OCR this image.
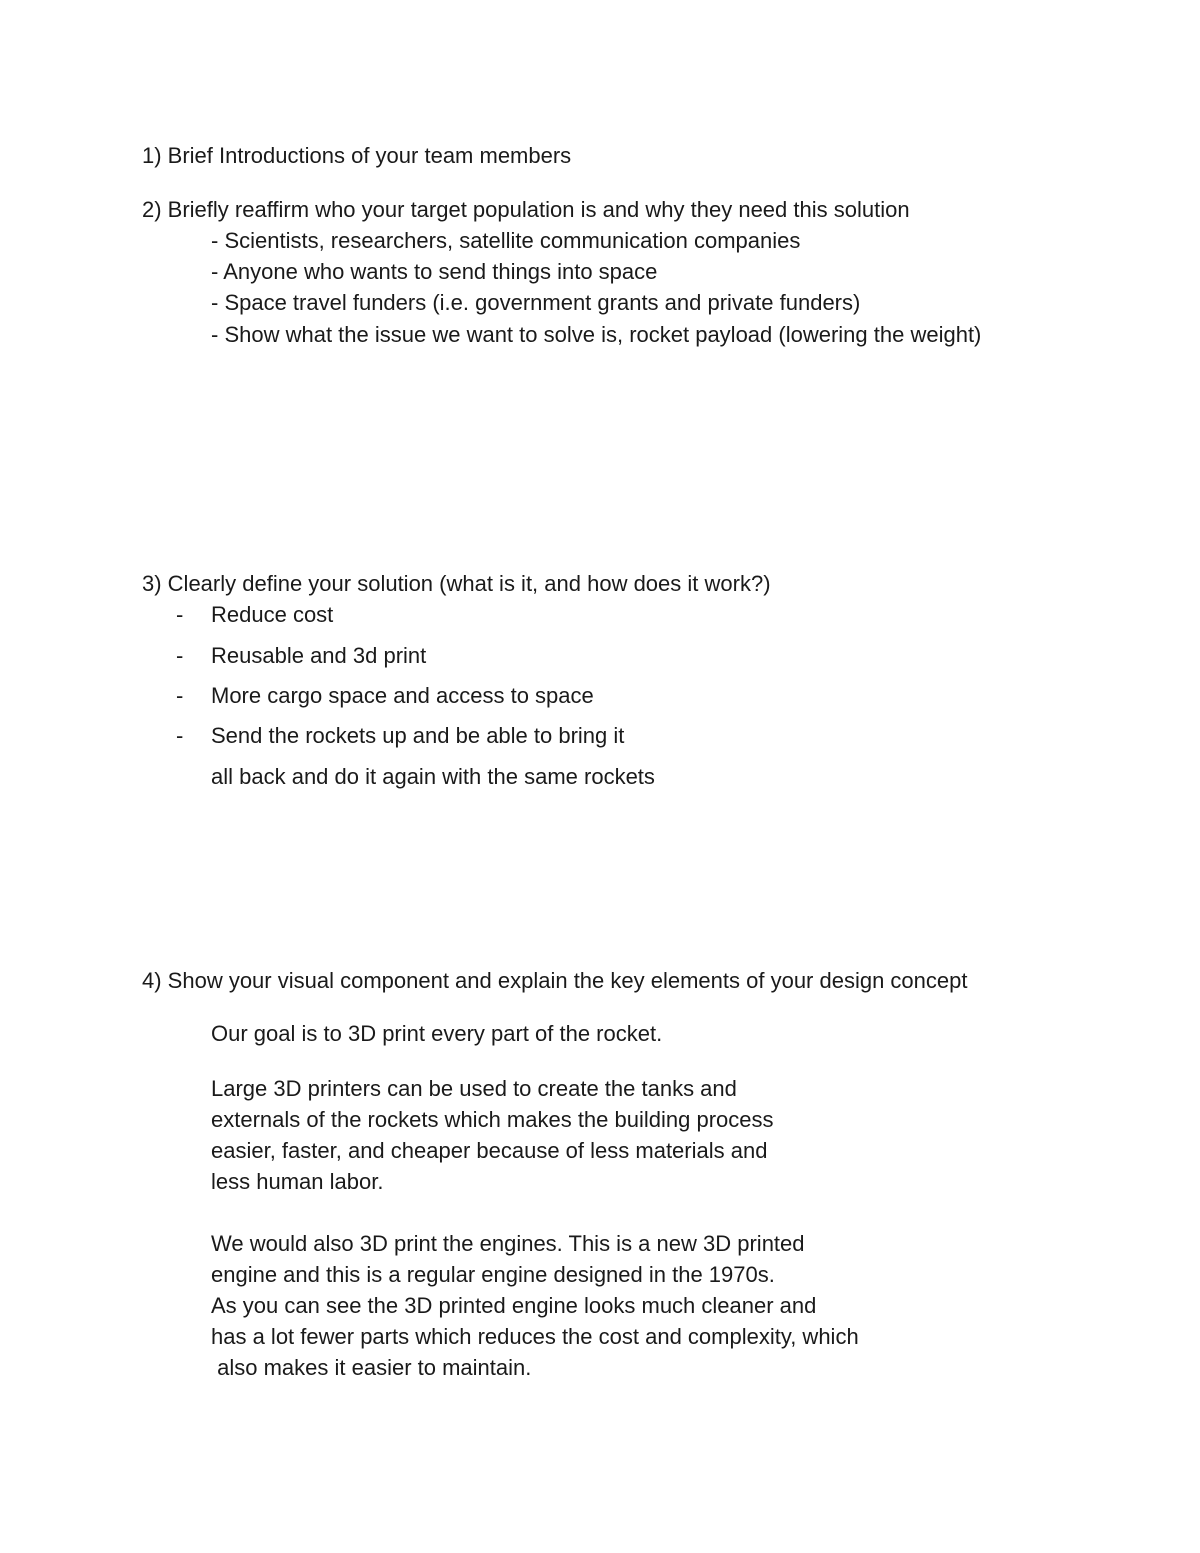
1) Brief Introductions of your team members
2) Briefly reaffirm who your target population is and why they need this solution
- Scientists, researchers, satellite communication companies
- Anyone who wants to send things into space
- Space travel funders (i.e. government grants and private funders)
- Show what the issue we want to solve is, rocket payload (lowering the weight)
3) Clearly define your solution (what is it, and how does it work?)
- Reduce cost
- Reusable and 3d print
- More cargo space and access to space
- Send the rockets up and be able to bring it
all back and do it again with the same rockets
4) Show your visual component and explain the key elements of your design concept
Our goal is to 3D print every part of the rocket.
Large 3D printers can be used to create the tanks and
externals of the rockets which makes the building process
easier, faster, and cheaper because of less materials and
less human labor.
We would also 3D print the engines. This is a new 3D printed
engine and this is a regular engine designed in the 1970s.
As you can see the 3D printed engine looks much cleaner and
has a lot fewer parts which reduces the cost and complexity, which
also makes it easier to maintain.
